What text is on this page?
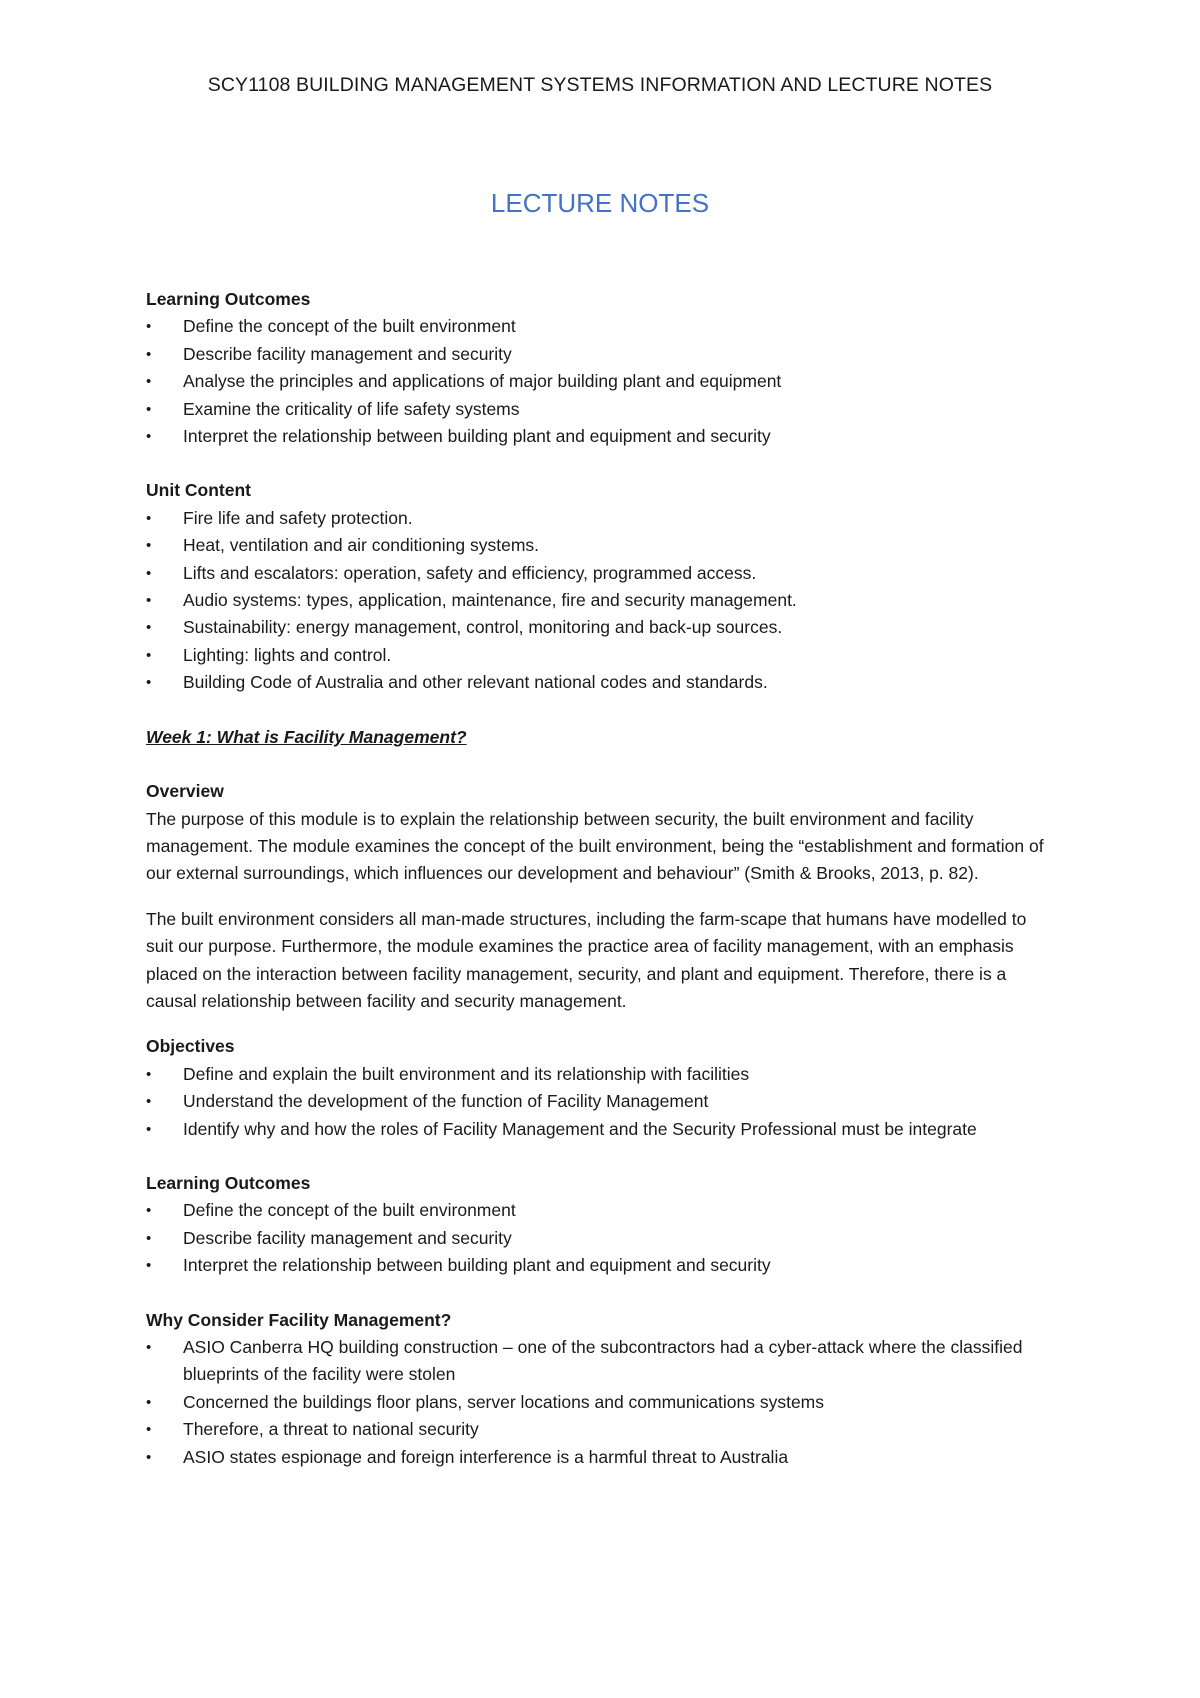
SCY1108 BUILDING MANAGEMENT SYSTEMS INFORMATION AND LECTURE NOTES
LECTURE NOTES

Learning Outcomes

•	Define the concept of the built environment
•	Describe facility management and security
•	Analyse the principles and applications of major building plant and equipment
•	Examine the criticality of life safety systems
•	Interpret the relationship between building plant and equipment and security

Unit Content

•	Fire life and safety protection.
•	Heat, ventilation and air conditioning systems.
•	Lifts and escalators: operation, safety and efficiency, programmed access.
•	Audio systems: types, application, maintenance, fire and security management.
•	Sustainability: energy management, control, monitoring and back-up sources.
•	Lighting: lights and control.
•	Building Code of Australia and other relevant national codes and standards.

Week 1: What is Facility Management?

Overview

The purpose of this module is to explain the relationship between security, the built environment and facility management. The module examines the concept of the built environment, being the “establishment and formation of our external surroundings, which influences our development and behaviour” (Smith & Brooks, 2013, p. 82).

The built environment considers all man-made structures, including the farm-scape that humans have modelled to suit our purpose. Furthermore, the module examines the practice area of facility management, with an emphasis placed on the interaction between facility management, security, and plant and equipment. Therefore, there is a causal relationship between facility and security management.

Objectives

•	Define and explain the built environment and its relationship with facilities
•	Understand the development of the function of Facility Management
•	Identify why and how the roles of Facility Management and the Security Professional must be integrate

Learning Outcomes

•	Define the concept of the built environment
•	Describe facility management and security
•	Interpret the relationship between building plant and equipment and security

Why Consider Facility Management?

•	ASIO Canberra HQ building construction – one of the subcontractors had a cyber-attack where the classified blueprints of the facility were stolen
•	Concerned the buildings floor plans, server locations and communications systems
•	Therefore, a threat to national security
•	ASIO states espionage and foreign interference is a harmful threat to Australia
